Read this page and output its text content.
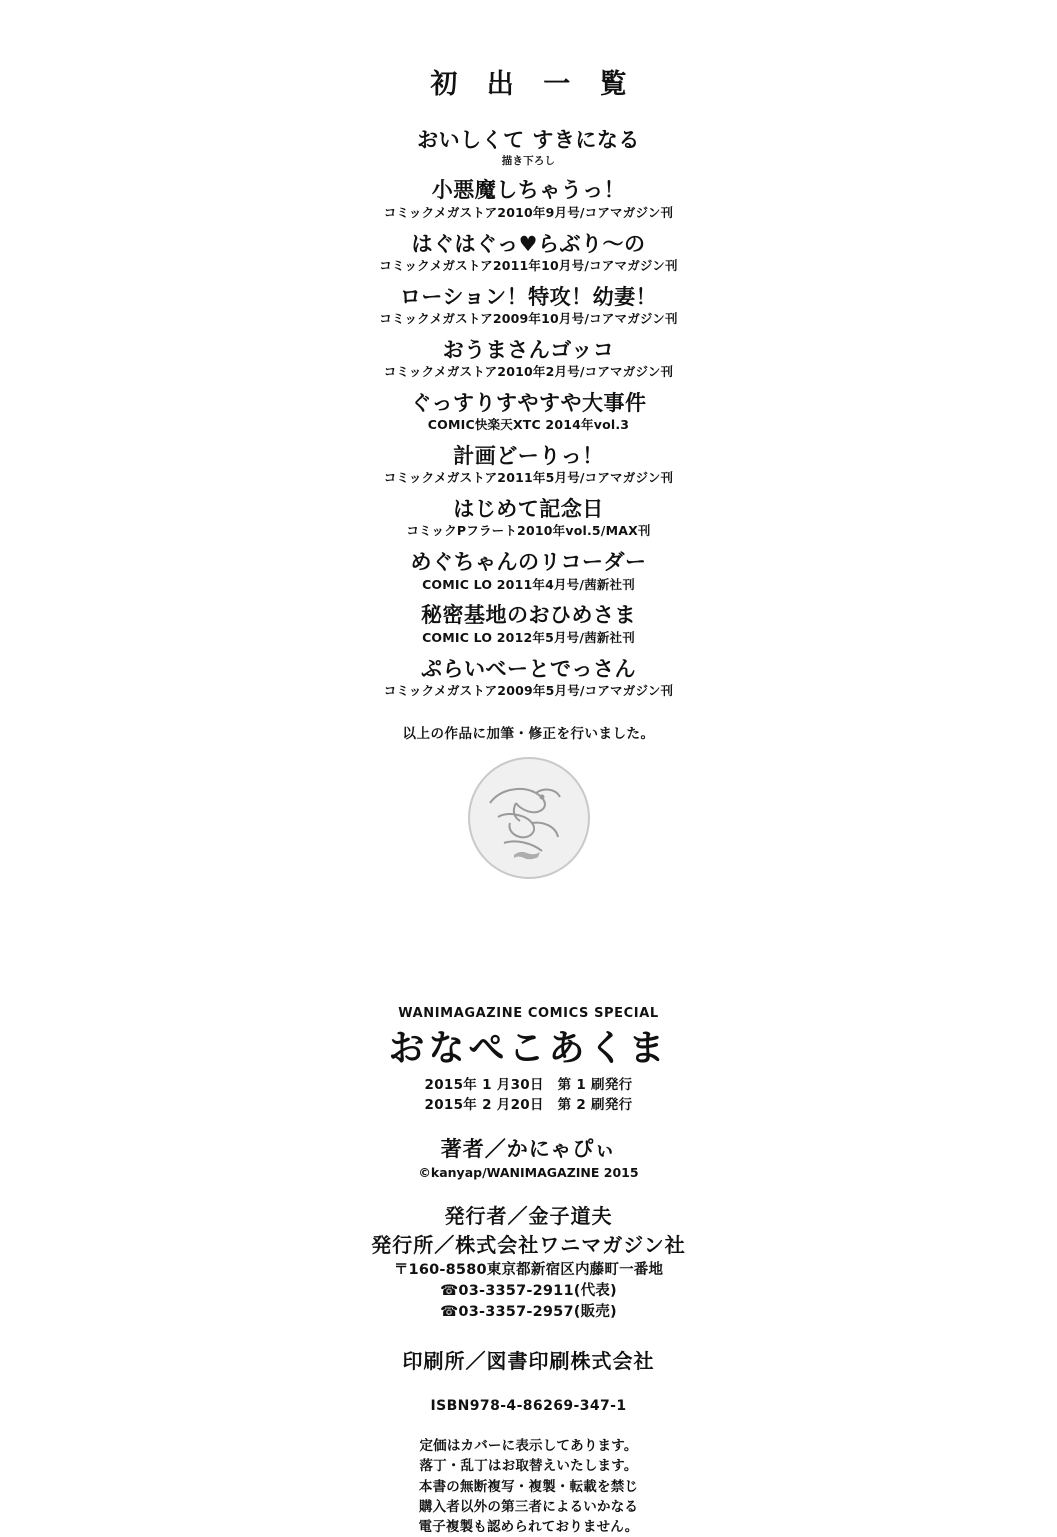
初 出 一 覧
おいしくて すきになる
描き下ろし
小悪魔しちゃうっ！
コミックメガストア2010年9月号/コアマガジン刊
はぐはぐっ♥らぶり～の
コミックメガストア2011年10月号/コアマガジン刊
ローション！特攻！幼妻！
コミックメガストア2009年10月号/コアマガジン刊
おうまさんゴッコ
コミックメガストア2010年2月号/コアマガジン刊
ぐっすりすやすや大事件
COMIC快楽天XTC 2014年vol.3
計画どーりっ！
コミックメガストア2011年5月号/コアマガジン刊
はじめて記念日
コミックPフラート2010年vol.5/MAX刊
めぐちゃんのリコーダー
COMIC LO 2011年4月号/茜新社刊
秘密基地のおひめさま
COMIC LO 2012年5月号/茜新社刊
ぷらいべーとでっさん
コミックメガストア2009年5月号/コアマガジン刊
以上の作品に加筆・修正を行いました。
WANIMAGAZINE COMICS SPECIAL
おなぺこあくま
2015年 1 月30日　第 1 刷発行
2015年 2 月20日　第 2 刷発行
著者／かにゃぴぃ
©kanyap/WANIMAGAZINE 2015
発行者／金子道夫
発行所／株式会社ワニマガジン社
〒160-8580東京都新宿区内藤町一番地
☎03-3357-2911(代表)
☎03-3357-2957(販売)
印刷所／図書印刷株式会社
ISBN978-4-86269-347-1
定価はカバーに表示してあります。
落丁・乱丁はお取替えいたします。
本書の無断複写・複製・転載を禁じ
購入者以外の第三者によるいかなる
電子複製も認められておりません。
